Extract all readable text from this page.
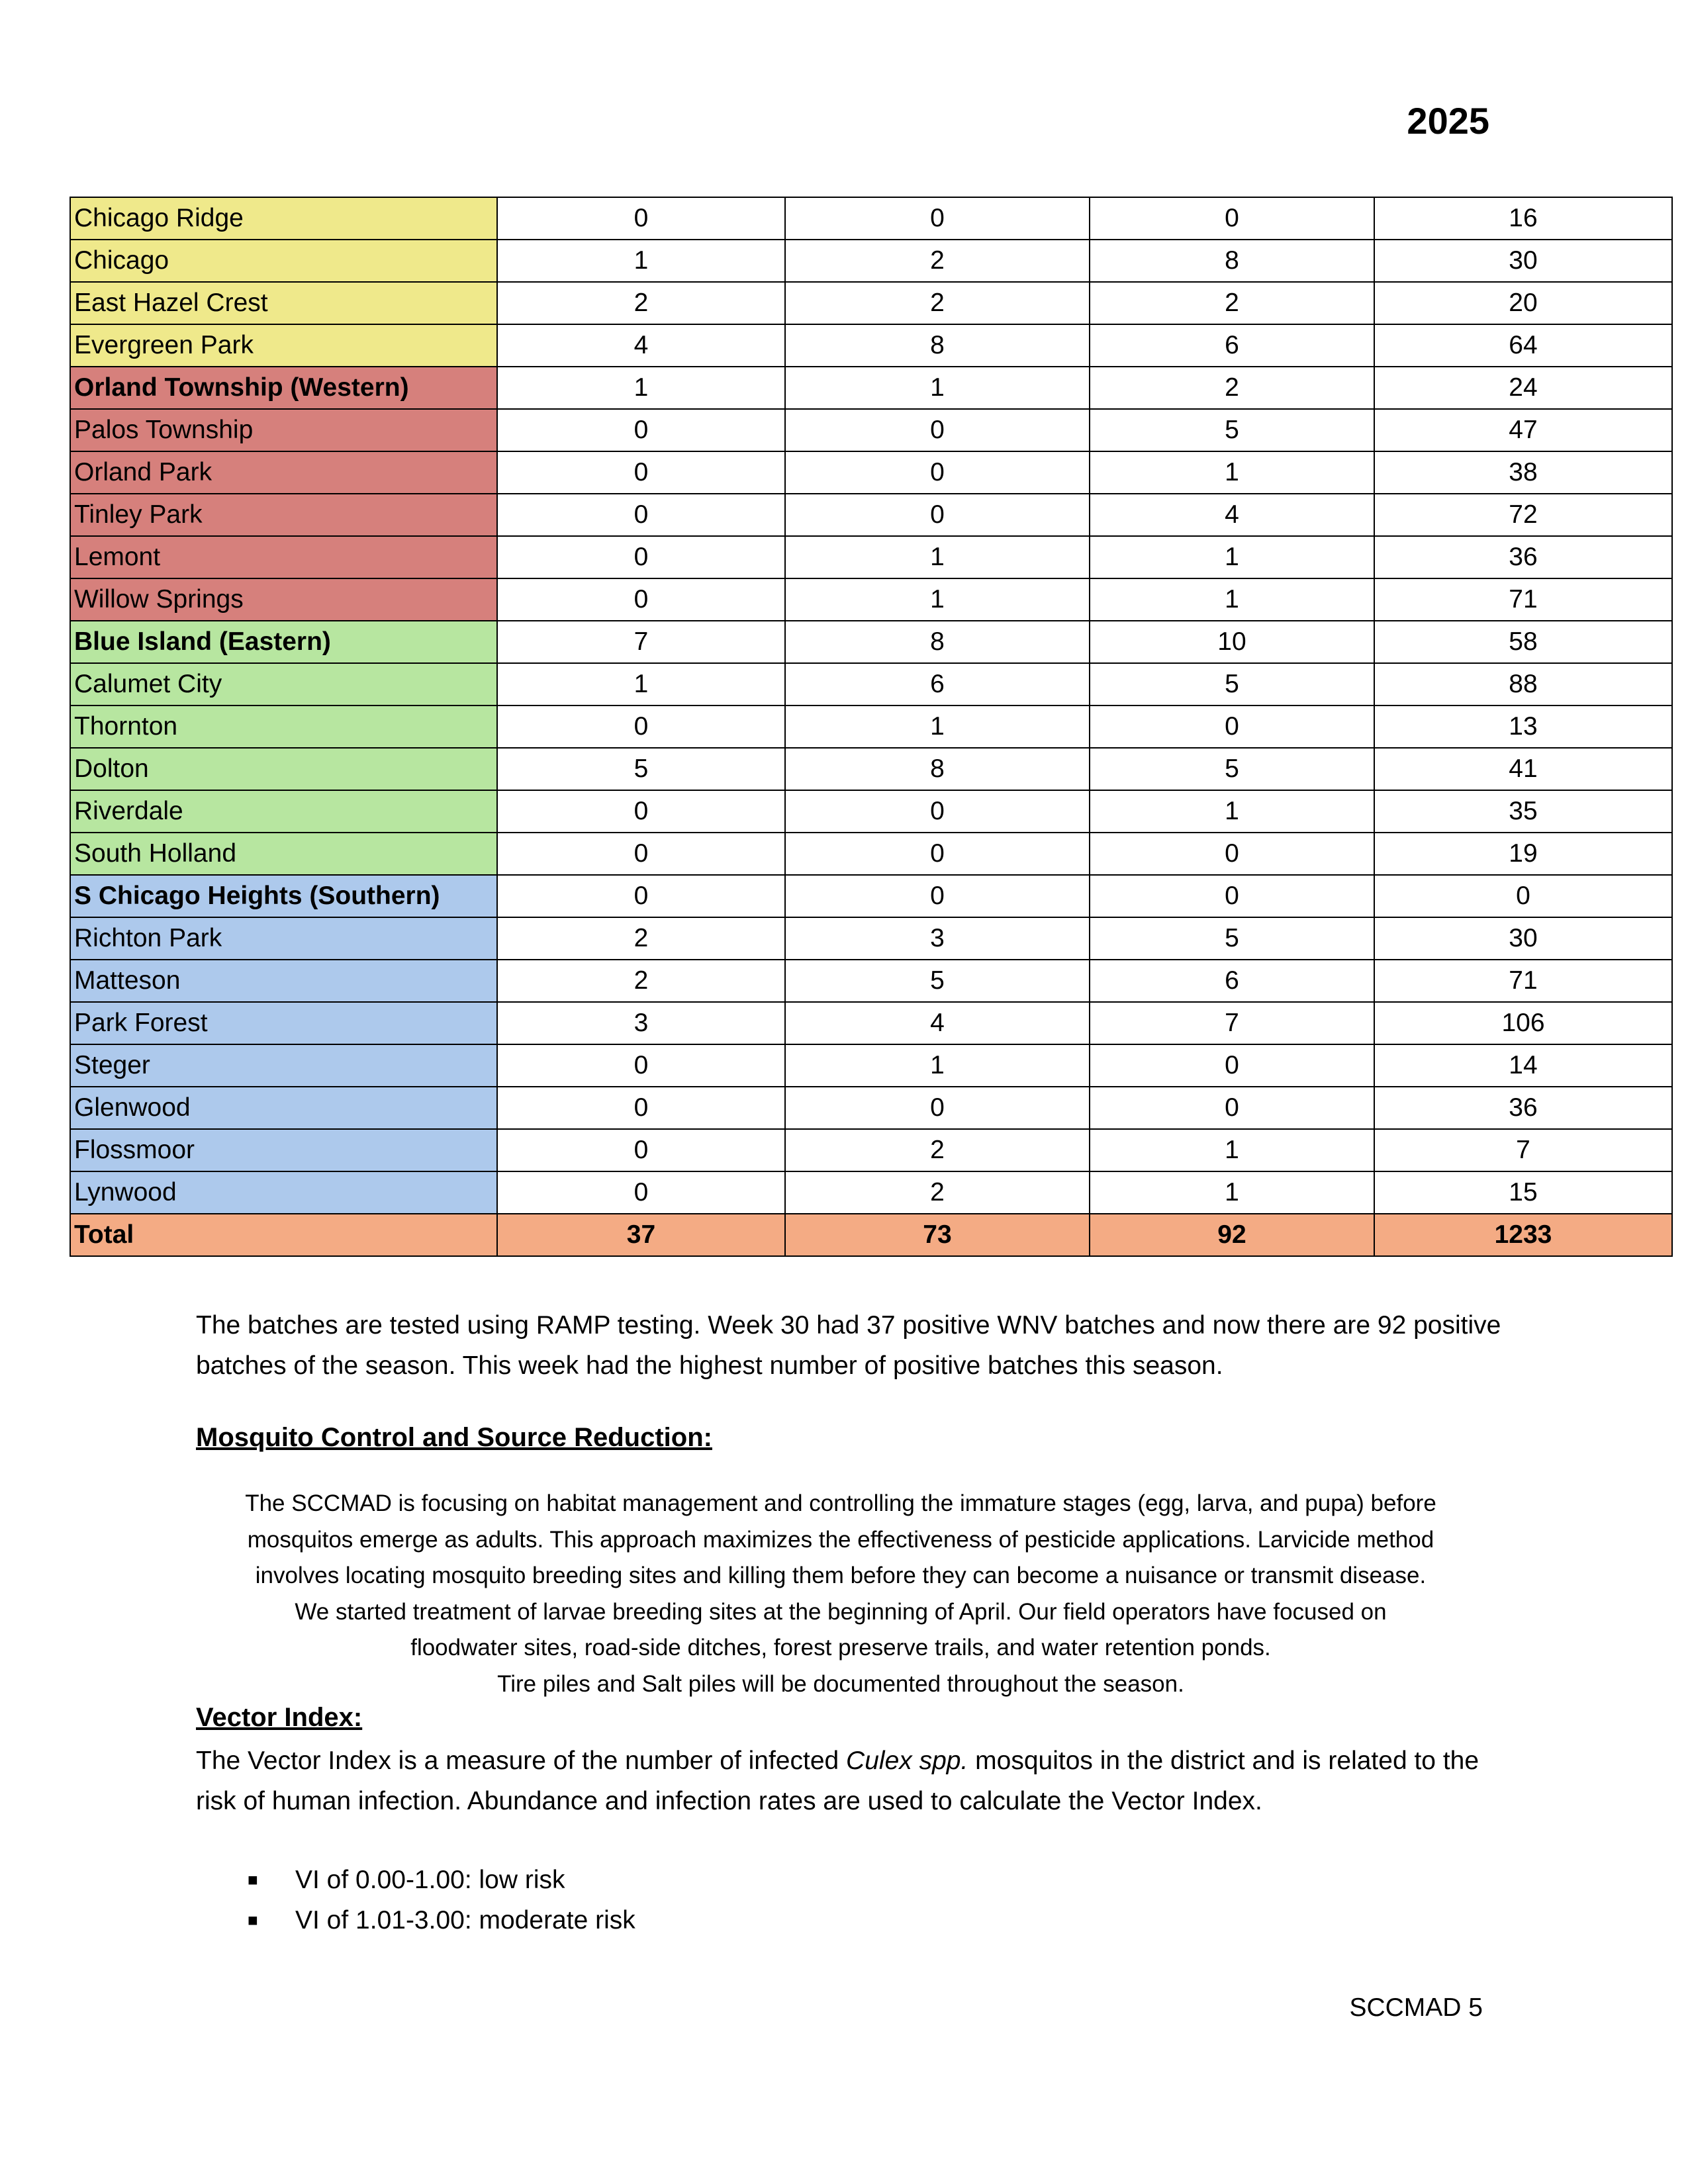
2025
Chicago Ridge	0	0	0	16
Chicago	1	2	8	30
East Hazel Crest	2	2	2	20
Evergreen Park	4	8	6	64
Orland Township (Western)	1	1	2	24
Palos Township	0	0	5	47
Orland Park	0	0	1	38
Tinley Park	0	0	4	72
Lemont	0	1	1	36
Willow Springs	0	1	1	71
Blue Island (Eastern)	7	8	10	58
Calumet City	1	6	5	88
Thornton	0	1	0	13
Dolton	5	8	5	41
Riverdale	0	0	1	35
South Holland	0	0	0	19
S Chicago Heights (Southern)	0	0	0	0
Richton Park	2	3	5	30
Matteson	2	5	6	71
Park Forest	3	4	7	106
Steger	0	1	0	14
Glenwood	0	0	0	36
Flossmoor	0	2	1	7
Lynwood	0	2	1	15
Total	37	73	92	1233
The batches are tested using RAMP testing. Week 30 had 37 positive WNV batches and now there are 92 positive batches of the season. This week had the highest number of positive batches this season.
Mosquito Control and Source Reduction:
The SCCMAD is focusing on habitat management and controlling the immature stages (egg, larva, and pupa) before
mosquitos emerge as adults. This approach maximizes the effectiveness of pesticide applications. Larvicide method
involves locating mosquito breeding sites and killing them before they can become a nuisance or transmit disease.
We started treatment of larvae breeding sites at the beginning of April. Our field operators have focused on
floodwater sites, road-side ditches, forest preserve trails, and water retention ponds.
Tire piles and Salt piles will be documented throughout the season.
Vector Index:
The Vector Index is a measure of the number of infected Culex spp. mosquitos in the district and is related to the risk of human infection. Abundance and infection rates are used to calculate the Vector Index.
■ VI of 0.00-1.00: low risk
■ VI of 1.01-3.00: moderate risk
SCCMAD 5
